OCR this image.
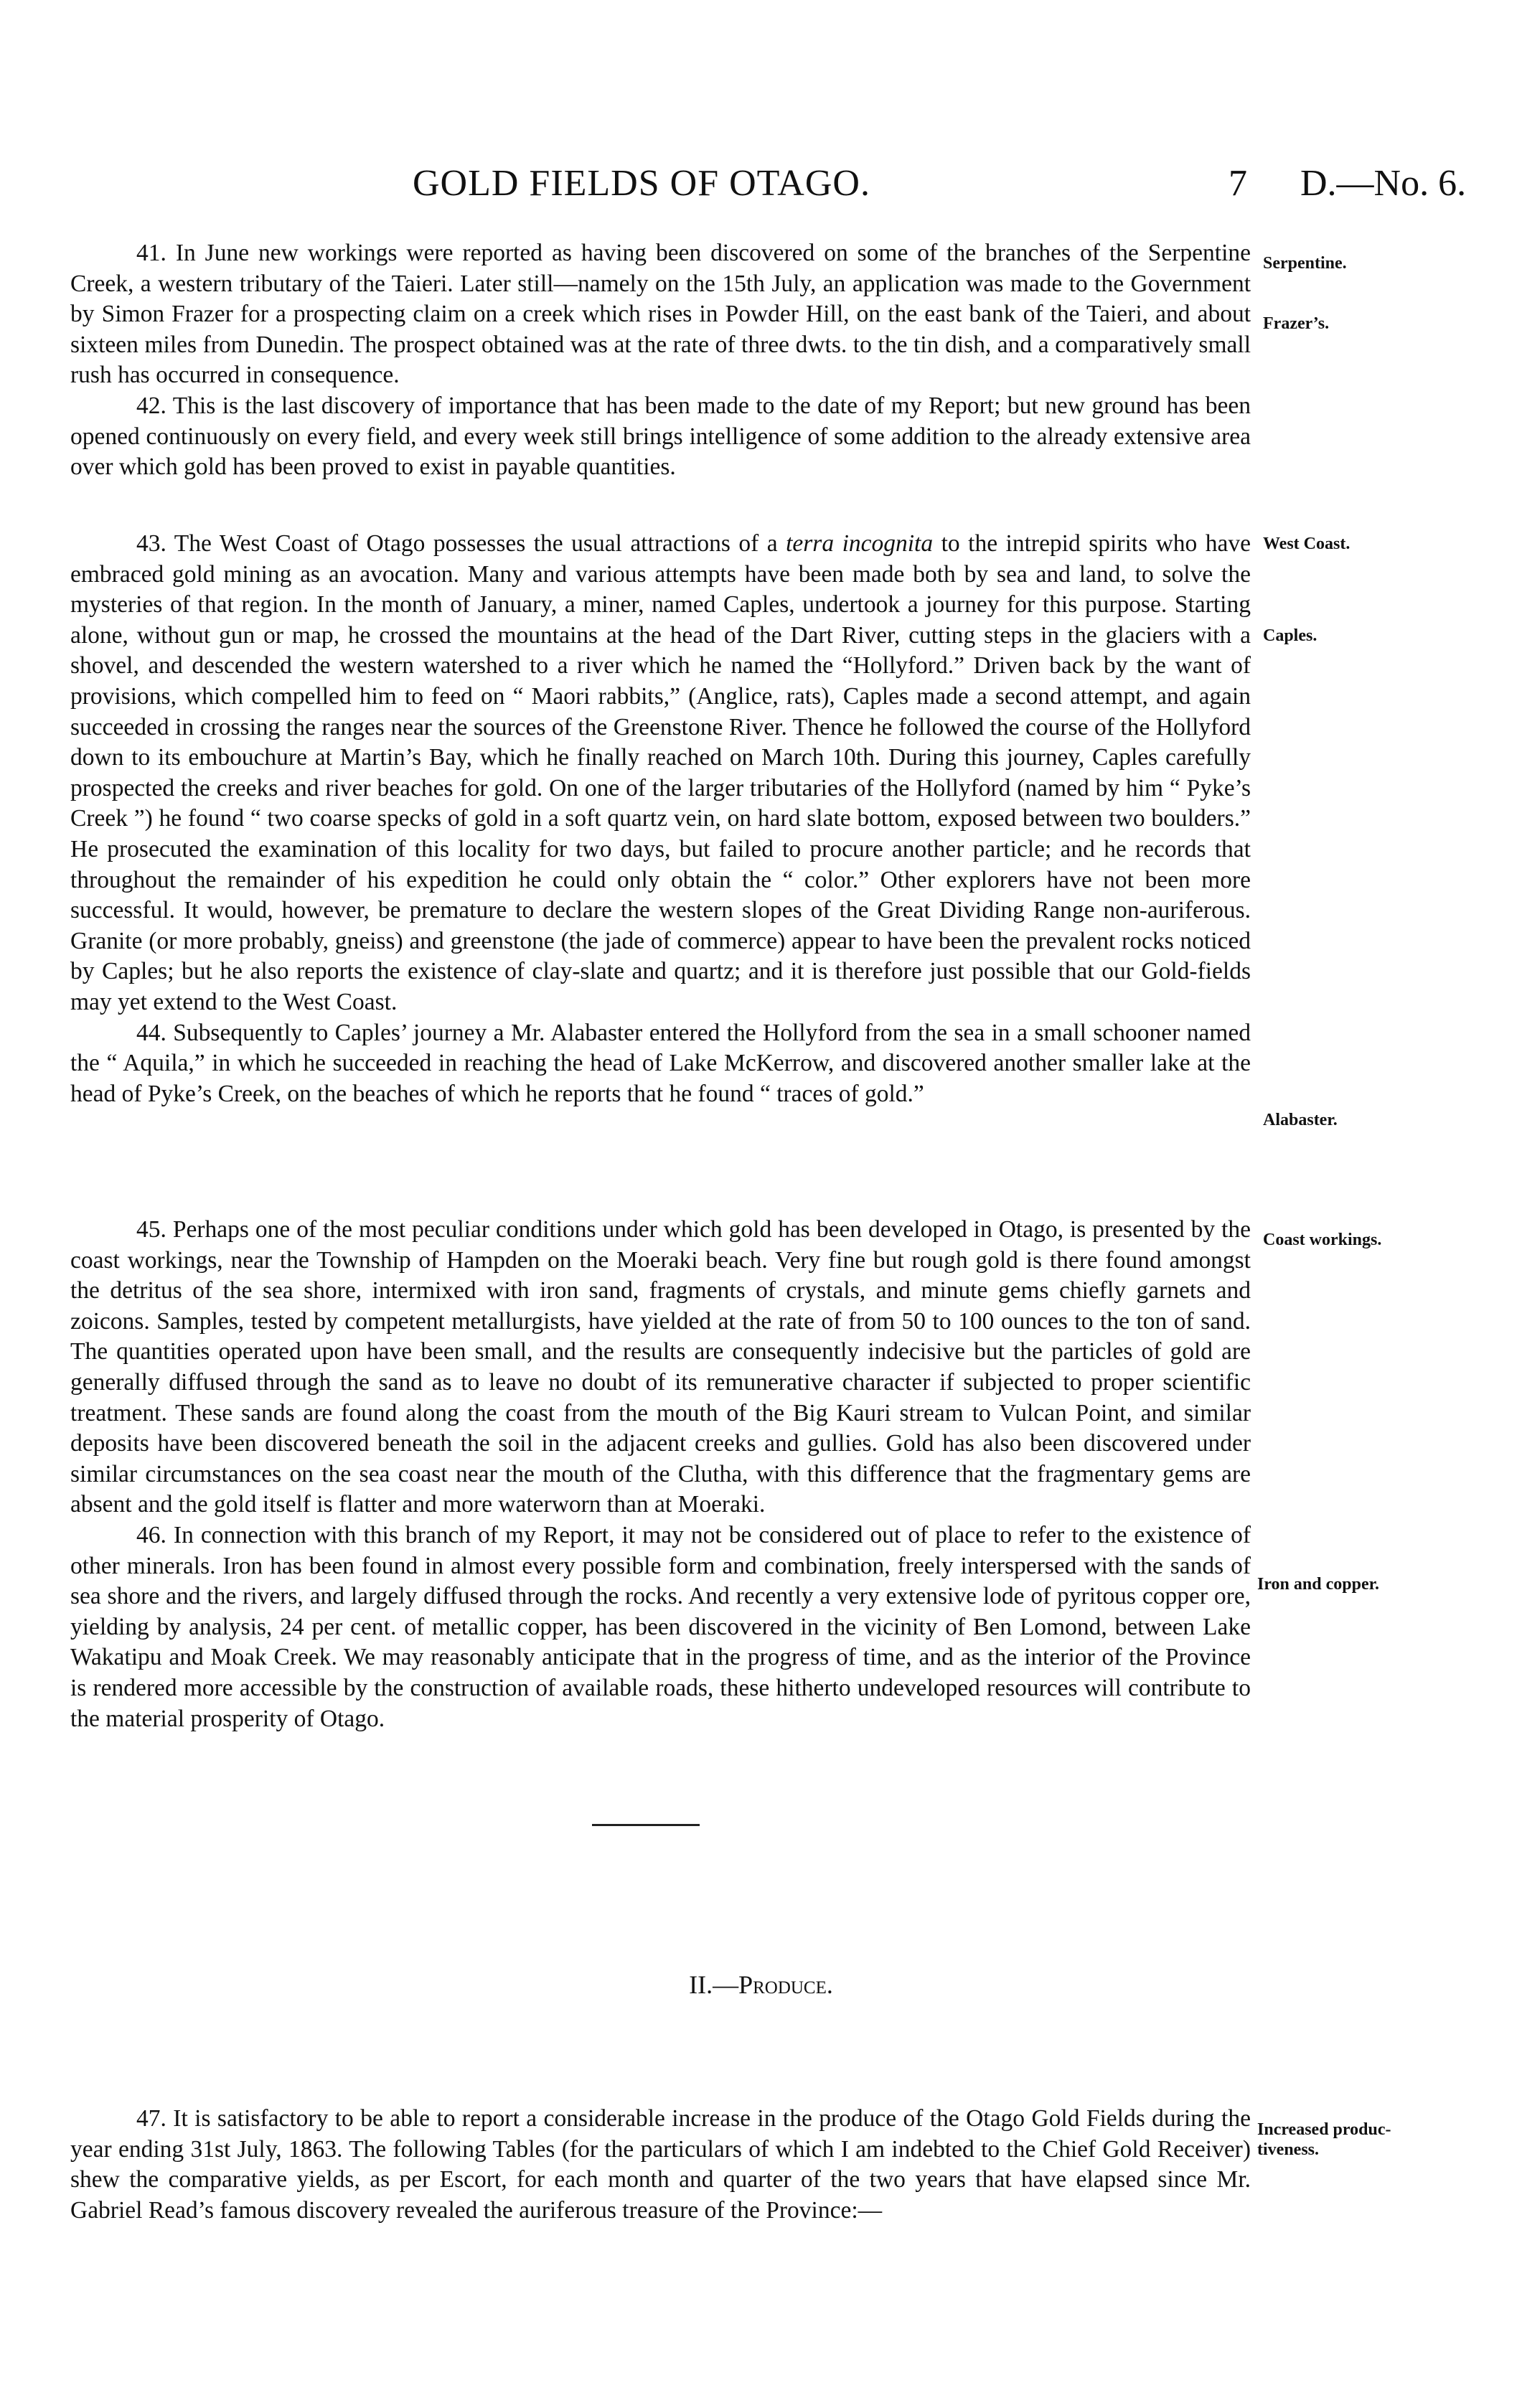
GOLD FIELDS OF OTAGO.	7 D.—No. 6.

41. In June new workings were reported as having been discovered on some of the branches of the Serpentine Creek, a western tributary of the Taieri. Later still—namely on the 15th July, an application was made to the Government by Simon Frazer for a prospecting claim on a creek which rises in Powder Hill, on the east bank of the Taieri, and about sixteen miles from Dunedin. The prospect obtained was at the rate of three dwts. to the tin dish, and a comparatively small rush has occurred in consequence.

42. This is the last discovery of importance that has been made to the date of my Report; but new ground has been opened continuously on every field, and every week still brings intelligence of some addition to the already extensive area over which gold has been proved to exist in payable quantities.

43. The West Coast of Otago possesses the usual attractions of a terra incognita to the intrepid spirits who have embraced gold mining as an avocation. Many and various attempts have been made both by sea and land, to solve the mysteries of that region. In the month of January, a miner, named Caples, undertook a journey for this purpose. Starting alone, without gun or map, he crossed the mountains at the head of the Dart River, cutting steps in the glaciers with a shovel, and descended the western watershed to a river which he named the “Hollyford.” Driven back by the want of provisions, which compelled him to feed on “ Maori rabbits,” (Anglice, rats), Caples made a second attempt, and again succeeded in crossing the ranges near the sources of the Greenstone River. Thence he followed the course of the Hollyford down to its embouchure at Martin’s Bay, which he finally reached on March 10th. During this journey, Caples carefully prospected the creeks and river beaches for gold. On one of the larger tributaries of the Hollyford (named by him “ Pyke’s Creek ”) he found “ two coarse specks of gold in a soft quartz vein, on hard slate bottom, exposed between two boulders.” He prosecuted the examination of this locality for two days, but failed to procure another particle; and he records that throughout the remainder of his expedition he could only obtain the “ color.” Other explorers have not been more successful. It would, however, be premature to declare the western slopes of the Great Dividing Range non-auriferous. Granite (or more probably, gneiss) and greenstone (the jade of commerce) appear to have been the prevalent rocks noticed by Caples; but he also reports the existence of clay-slate and quartz; and it is therefore just possible that our Gold-fields may yet extend to the West Coast.

44. Subsequently to Caples’ journey a Mr. Alabaster entered the Hollyford from the sea in a small schooner named the “ Aquila,” in which he succeeded in reaching the head of Lake McKerrow, and discovered another smaller lake at the head of Pyke’s Creek, on the beaches of which he reports that he found “ traces of gold.”

45. Perhaps one of the most peculiar conditions under which gold has been developed in Otago, is presented by the coast workings, near the Township of Hampden on the Moeraki beach. Very fine but rough gold is there found amongst the detritus of the sea shore, intermixed with iron sand, fragments of crystals, and minute gems chiefly garnets and zoicons. Samples, tested by competent metallurgists, have yielded at the rate of from 50 to 100 ounces to the ton of sand. The quantities operated upon have been small, and the results are consequently indecisive but the particles of gold are generally diffused through the sand as to leave no doubt of its remunerative character if subjected to proper scientific treatment. These sands are found along the coast from the mouth of the Big Kauri stream to Vulcan Point, and similar deposits have been discovered beneath the soil in the adjacent creeks and gullies. Gold has also been discovered under similar circumstances on the sea coast near the mouth of the Clutha, with this difference that the fragmentary gems are absent and the gold itself is flatter and more waterworn than at Moeraki.

46. In connection with this branch of my Report, it may not be considered out of place to refer to the existence of other minerals. Iron has been found in almost every possible form and combination, freely interspersed with the sands of sea shore and the rivers, and largely diffused through the rocks. And recently a very extensive lode of pyritous copper ore, yielding by analysis, 24 per cent. of metallic copper, has been discovered in the vicinity of Ben Lomond, between Lake Wakatipu and Moak Creek. We may reasonably anticipate that in the progress of time, and as the interior of the Province is rendered more accessible by the construction of available roads, these hitherto undeveloped resources will contribute to the material prosperity of Otago.

Serpentine.
Frazer’s.
West Coast.
Caples.
Alabaster.
Coast workings.
Iron and copper.
II.—Produce.

47. It is satisfactory to be able to report a considerable increase in the produce of the Otago Gold Fields during the year ending 31st July, 1863. The following Tables (for the particulars of which I am indebted to the Chief Gold Receiver) shew the comparative yields, as per Escort, for each month and quarter of the two years that have elapsed since Mr. Gabriel Read’s famous discovery revealed the auriferous treasure of the Province:—

Increased produc-
tiveness.
